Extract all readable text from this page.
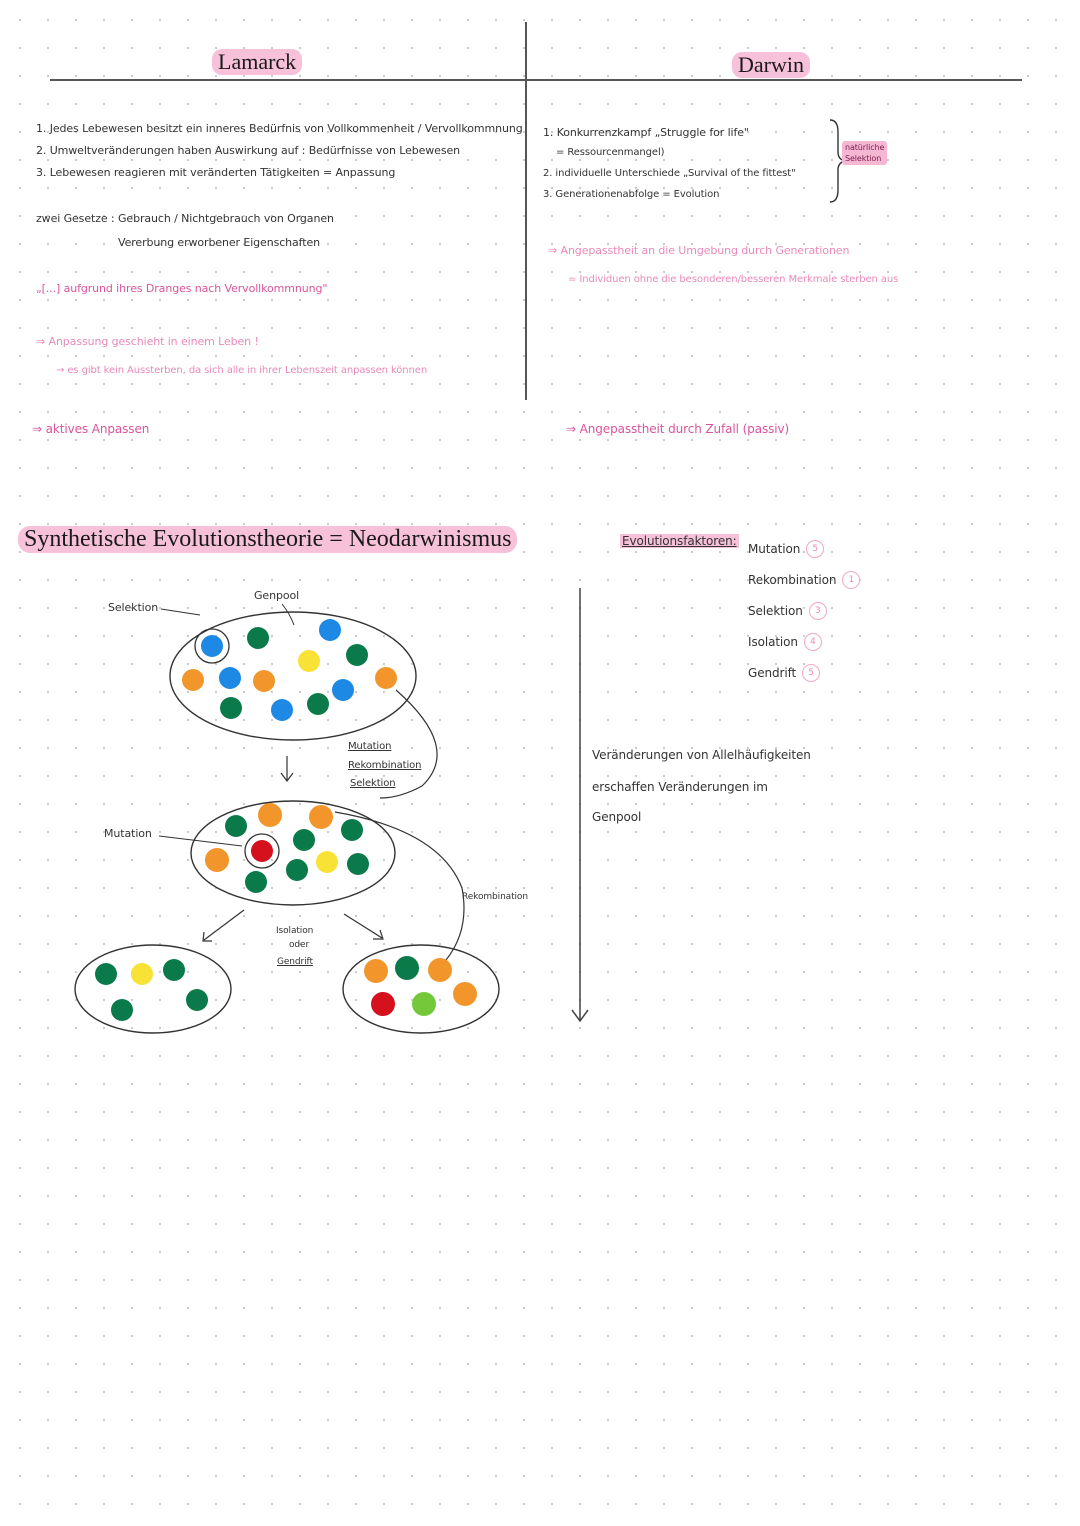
Lamarck	Darwin
1. Jedes Lebewesen besitzt ein inneres Bedürfnis von Vollkommenheit / Vervollkommnung
2. Umweltveränderungen haben Auswirkung auf : Bedürfnisse von Lebewesen
3. Lebewesen reagieren mit veränderten Tätigkeiten = Anpassung
zwei Gesetze : Gebrauch / Nichtgebrauch von Organen
Vererbung erworbener Eigenschaften
„[...] aufgrund ihres Dranges nach Vervollkommnung"
⇒ Anpassung geschieht in einem Leben !
→ es gibt kein Aussterben, da sich alle in ihrer Lebenszeit anpassen können
⇒ aktives Anpassen
1. Konkurrenzkampf „Struggle for life"
= Ressourcenmangel)
2. individuelle Unterschiede „Survival of the fittest"
3. Generationenabfolge = Evolution
natürliche
Selektion
⇒ Angepasstheit an die Umgebung durch Generationen
= Individuen ohne die besonderen/besseren Merkmale sterben aus
⇒ Angepasstheit durch Zufall (passiv)
Synthetische Evolutionstheorie = Neodarwinismus	Evolutionsfaktoren:
Mutation	5
Rekombination	1
Selektion	3
Isolation	4
Gendrift	5
Veränderungen von Allelhäufigkeiten
erschaffen Veränderungen im
Genpool
Selektion
Genpool
Mutation
Mutation
Rekombination
Selektion
Rekombination
Isolation
oder
Gendrift
